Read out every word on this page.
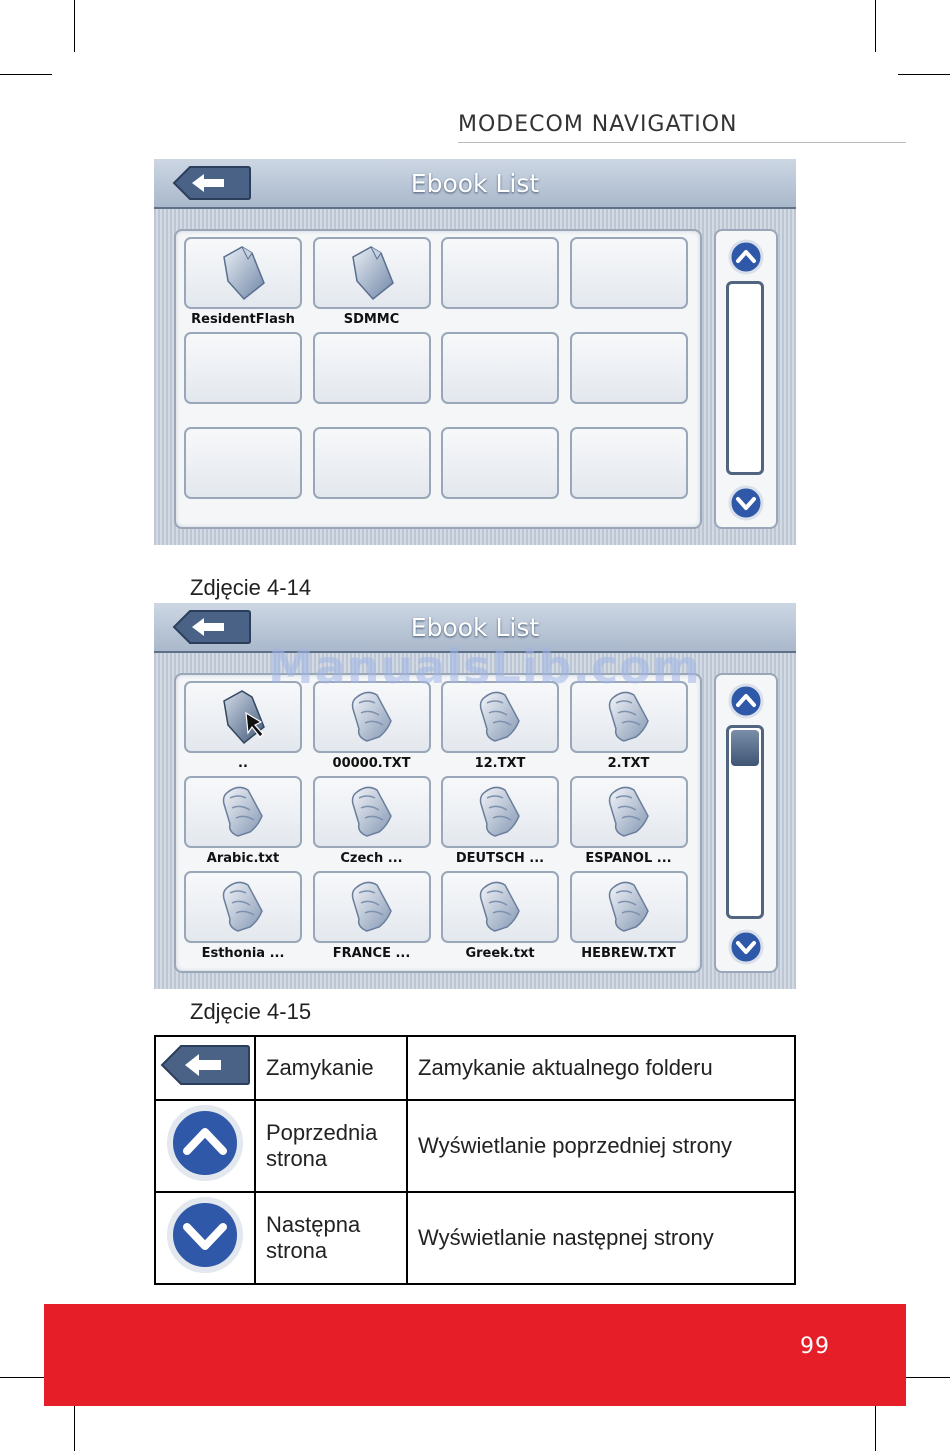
MODECOM NAVIGATION
Ebook List
ResidentFlash	SDMMC
Zdjęcie 4-14
Ebook List
..	00000.TXT	12.TXT	2.TXT
Arabic.txt	Czech ...	DEUTSCH ...	ESPANOL ...
Esthonia ...	FRANCE ...	Greek.txt	HEBREW.TXT
ManualsLib.com
Zdjęcie 4-15
	Zamykanie	Zamykanie aktualnego folderu
	Poprzednia strona	Wyświetlanie poprzedniej strony
	Następna strona	Wyświetlanie następnej strony
99
